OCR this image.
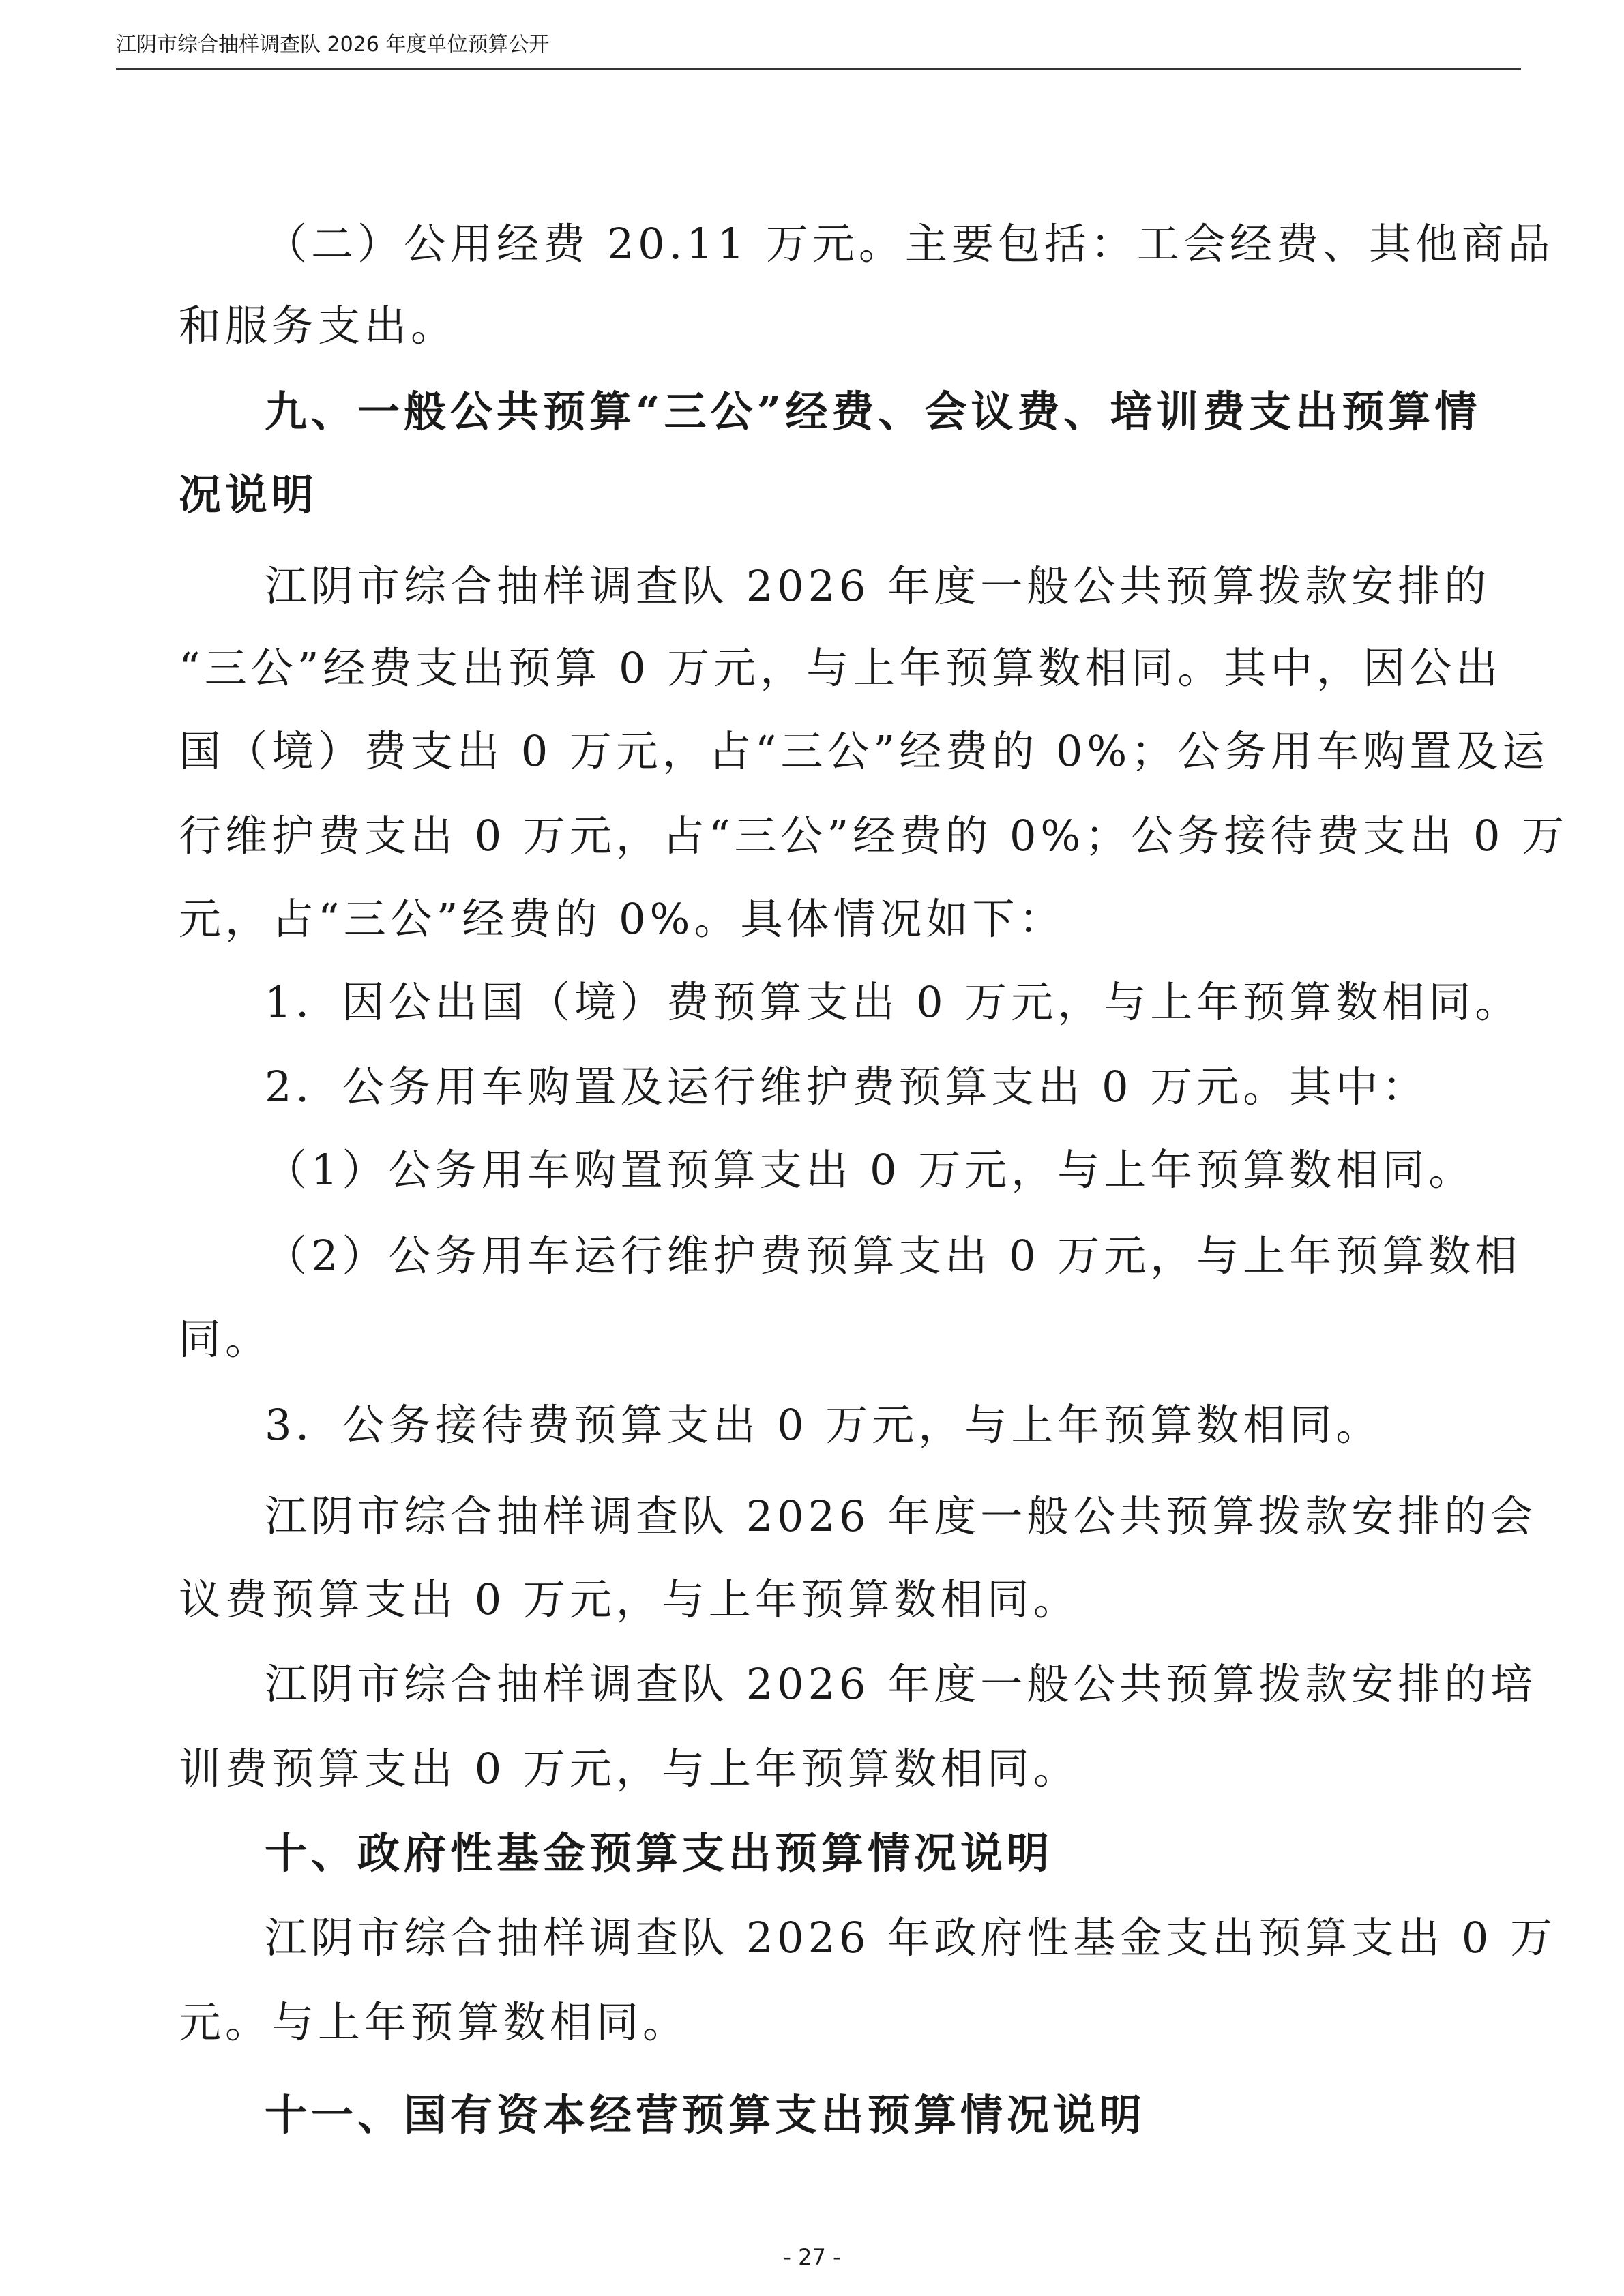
江阴市综合抽样调查队 2026 年度单位预算公开

（二）公用经费 20.11 万元。主要包括：工会经费、其他商品

和服务支出。

九、一般公共预算“三公”经费、会议费、培训费支出预算情

况说明

江阴市综合抽样调查队 2026 年度一般公共预算拨款安排的

“三公”经费支出预算 0 万元，与上年预算数相同。其中，因公出

国（境）费支出 0 万元，占“三公”经费的 0%；公务用车购置及运

行维护费支出 0 万元，占“三公”经费的 0%；公务接待费支出 0 万

元，占“三公”经费的 0%。具体情况如下：

1．因公出国（境）费预算支出 0 万元，与上年预算数相同。

2．公务用车购置及运行维护费预算支出 0 万元。其中：

（1）公务用车购置预算支出 0 万元，与上年预算数相同。

（2）公务用车运行维护费预算支出 0 万元，与上年预算数相

同。

3．公务接待费预算支出 0 万元，与上年预算数相同。

江阴市综合抽样调查队 2026 年度一般公共预算拨款安排的会

议费预算支出 0 万元，与上年预算数相同。

江阴市综合抽样调查队 2026 年度一般公共预算拨款安排的培

训费预算支出 0 万元，与上年预算数相同。

十、政府性基金预算支出预算情况说明

江阴市综合抽样调查队 2026 年政府性基金支出预算支出 0 万

元。与上年预算数相同。

十一、国有资本经营预算支出预算情况说明

- 27 -
